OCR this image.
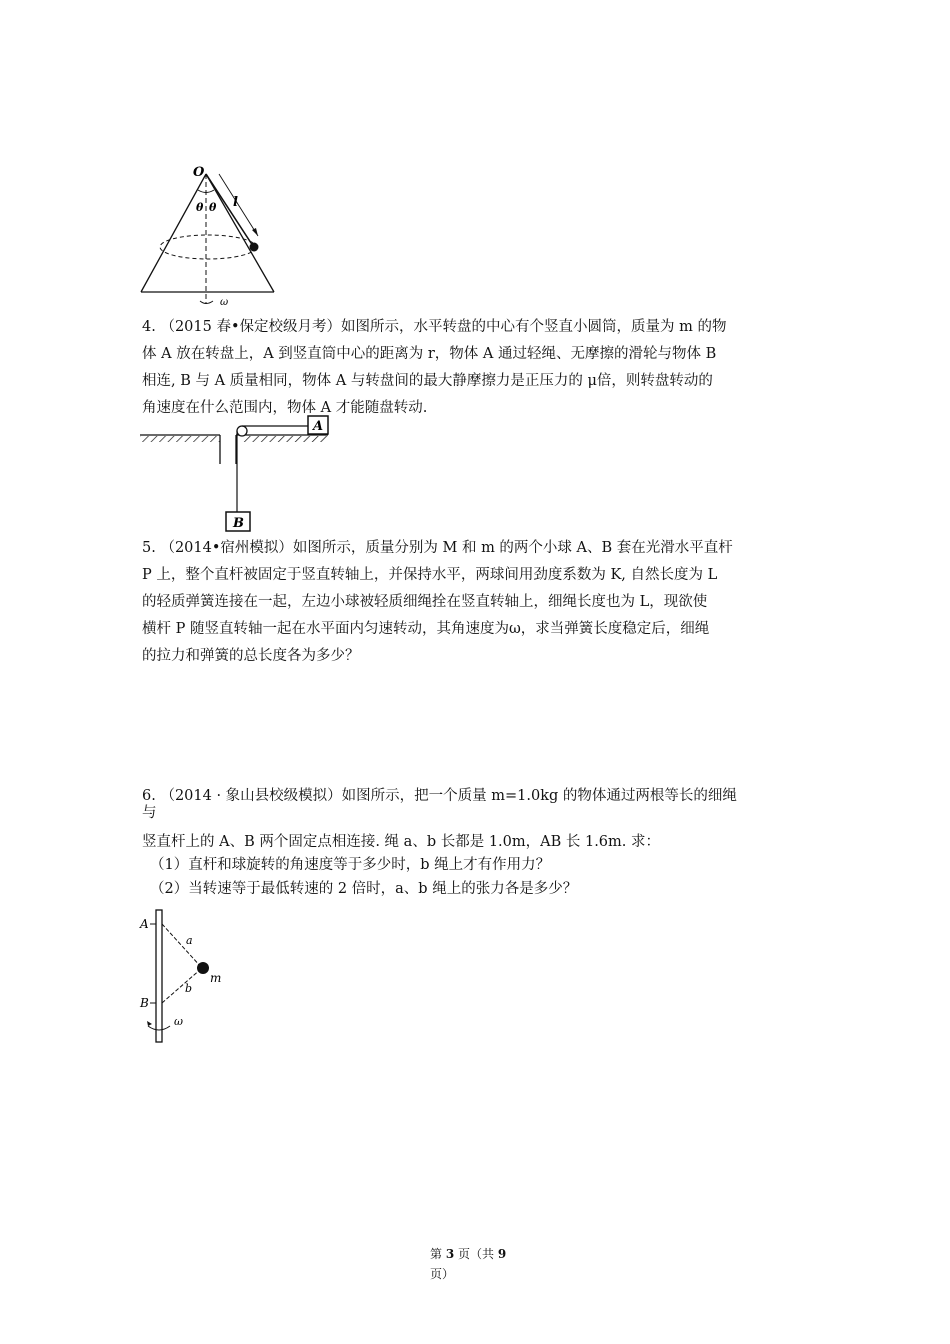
O
θ θ l
ω

4. （2015 春•保定校级月考）如图所示，水平转盘的中心有个竖直小圆筒，质量为 m 的物

体 A 放在转盘上，A 到竖直筒中心的距离为 r，物体 A 通过轻绳、无摩擦的滑轮与物体 B

相连, B 与 A 质量相同，物体 A 与转盘间的最大静摩擦力是正压力的 μ倍，则转盘转动的

角速度在什么范围内，物体 A 才能随盘转动.

A
B

5. （2014•宿州模拟）如图所示，质量分别为 M 和 m 的两个小球 A、B 套在光滑水平直杆

P 上，整个直杆被固定于竖直转轴上，并保持水平，两球间用劲度系数为 K, 自然长度为 L

的轻质弹簧连接在一起，左边小球被轻质细绳拴在竖直转轴上，细绳长度也为 L，现欲使

横杆 P 随竖直转轴一起在水平面内匀速转动，其角速度为ω，求当弹簧长度稳定后，细绳

的拉力和弹簧的总长度各为多少？

6. （2014 · 象山县校级模拟）如图所示，把一个质量 m=1.0kg 的物体通过两根等长的细绳

与

竖直杆上的 A、B 两个固定点相连接. 绳 a、b 长都是 1.0m，AB 长 1.6m. 求：
（1）直杆和球旋转的角速度等于多少时，b 绳上才有作用力？
（2）当转速等于最低转速的 2 倍时，a、b 绳上的张力各是多少？
A
B
a
b
m
ω
第 3 页（共 9
页）
